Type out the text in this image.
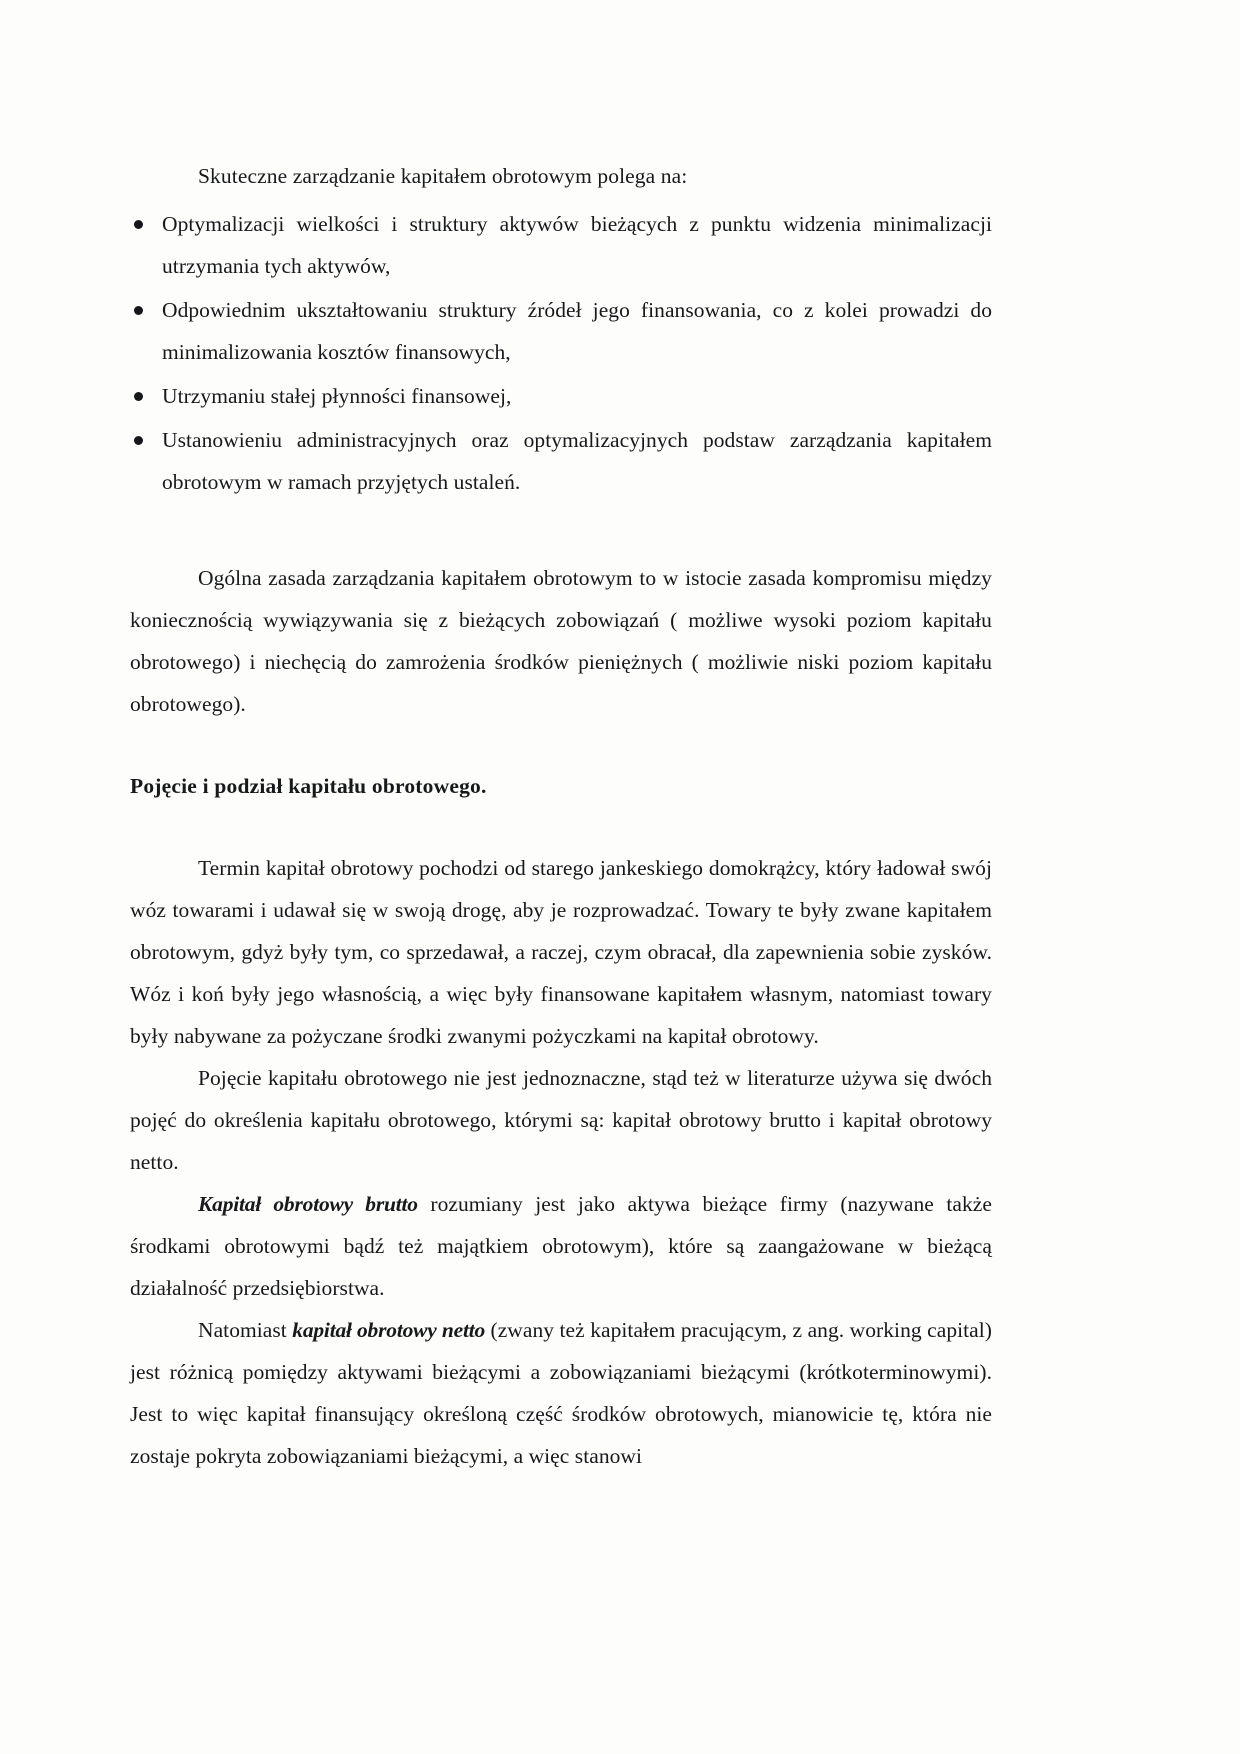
Skuteczne zarządzanie kapitałem obrotowym polega na:

Optymalizacji wielkości i struktury aktywów bieżących z punktu widzenia minimalizacji utrzymania tych aktywów,
Odpowiednim ukształtowaniu struktury źródeł jego finansowania, co z kolei prowadzi do minimalizowania kosztów finansowych,
Utrzymaniu stałej płynności finansowej,
Ustanowieniu administracyjnych oraz optymalizacyjnych podstaw zarządzania kapitałem obrotowym w ramach przyjętych ustaleń.

Ogólna zasada zarządzania kapitałem obrotowym to w istocie zasada kompromisu między koniecznością wywiązywania się z bieżących zobowiązań ( możliwe wysoki poziom kapitału obrotowego) i niechęcią do zamrożenia środków pieniężnych ( możliwie niski poziom kapitału obrotowego).

Pojęcie i podział kapitału obrotowego.

Termin kapitał obrotowy pochodzi od starego jankeskiego domokrążcy, który ładował swój wóz towarami i udawał się w swoją drogę, aby je rozprowadzać. Towary te były zwane kapitałem obrotowym, gdyż były tym, co sprzedawał, a raczej, czym obracał, dla zapewnienia sobie zysków. Wóz i koń były jego własnością, a więc były finansowane kapitałem własnym, natomiast towary były nabywane za pożyczane środki zwanymi pożyczkami na kapitał obrotowy.

Pojęcie kapitału obrotowego nie jest jednoznaczne, stąd też w literaturze używa się dwóch pojęć do określenia kapitału obrotowego, którymi są: kapitał obrotowy brutto i kapitał obrotowy netto.

Kapitał obrotowy brutto rozumiany jest jako aktywa bieżące firmy (nazywane także środkami obrotowymi bądź też majątkiem obrotowym), które są zaangażowane w bieżącą działalność przedsiębiorstwa.

Natomiast kapitał obrotowy netto (zwany też kapitałem pracującym, z ang. working capital) jest różnicą pomiędzy aktywami bieżącymi a zobowiązaniami bieżącymi (krótkoterminowymi). Jest to więc kapitał finansujący określoną część środków obrotowych, mianowicie tę, która nie zostaje pokryta zobowiązaniami bieżącymi, a więc stanowi
